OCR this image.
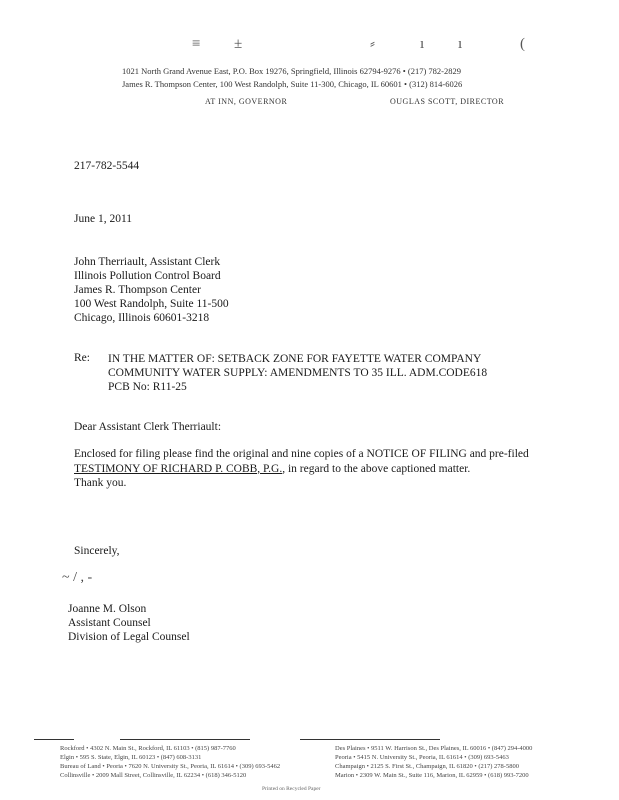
≡ ±	⸗	ı ı	(
1021 North Grand Avenue East, P.O. Box 19276, Springfield, Illinois 62794-9276 • (217) 782-2829
James R. Thompson Center, 100 West Randolph, Suite 11-300, Chicago, IL 60601 • (312) 814-6026
AT INN, GOVERNOR	OUGLAS SCOTT, DIRECTOR
217-782-5544
June 1, 2011
John Therriault, Assistant Clerk
Illinois Pollution Control Board
James R. Thompson Center
100 West Randolph, Suite 11-500
Chicago, Illinois 60601-3218
Re: IN THE MATTER OF: SETBACK ZONE FOR FAYETTE WATER COMPANY
COMMUNITY WATER SUPPLY: AMENDMENTS TO 35 ILL. ADM.CODE618
PCB No: R11-25
Dear Assistant Clerk Therriault:
Enclosed for filing please find the original and nine copies of a NOTICE OF FILING and pre-filed TESTIMONY OF RICHARD P. COBB, P.G., in regard to the above captioned matter.
Thank you.
Sincerely,
~ / , -
Joanne M. Olson
Assistant Counsel
Division of Legal Counsel
Rockford • 4302 N. Main St., Rockford, IL 61103 • (815) 987-7760
Elgin • 595 S. State, Elgin, IL 60123 • (847) 608-3131
Bureau of Land • Peoria • 7620 N. University St., Peoria, IL 61614 • (309) 693-5462
Collinsville • 2009 Mall Street, Collinsville, IL 62234 • (618) 346-5120
Des Plaines • 9511 W. Harrison St., Des Plaines, IL 60016 • (847) 294-4000
Peoria • 5415 N. University St., Peoria, IL 61614 • (309) 693-5463
Champaign • 2125 S. First St., Champaign, IL 61820 • (217) 278-5800
Marion • 2309 W. Main St., Suite 116, Marion, IL 62959 • (618) 993-7200
Printed on Recycled Paper
